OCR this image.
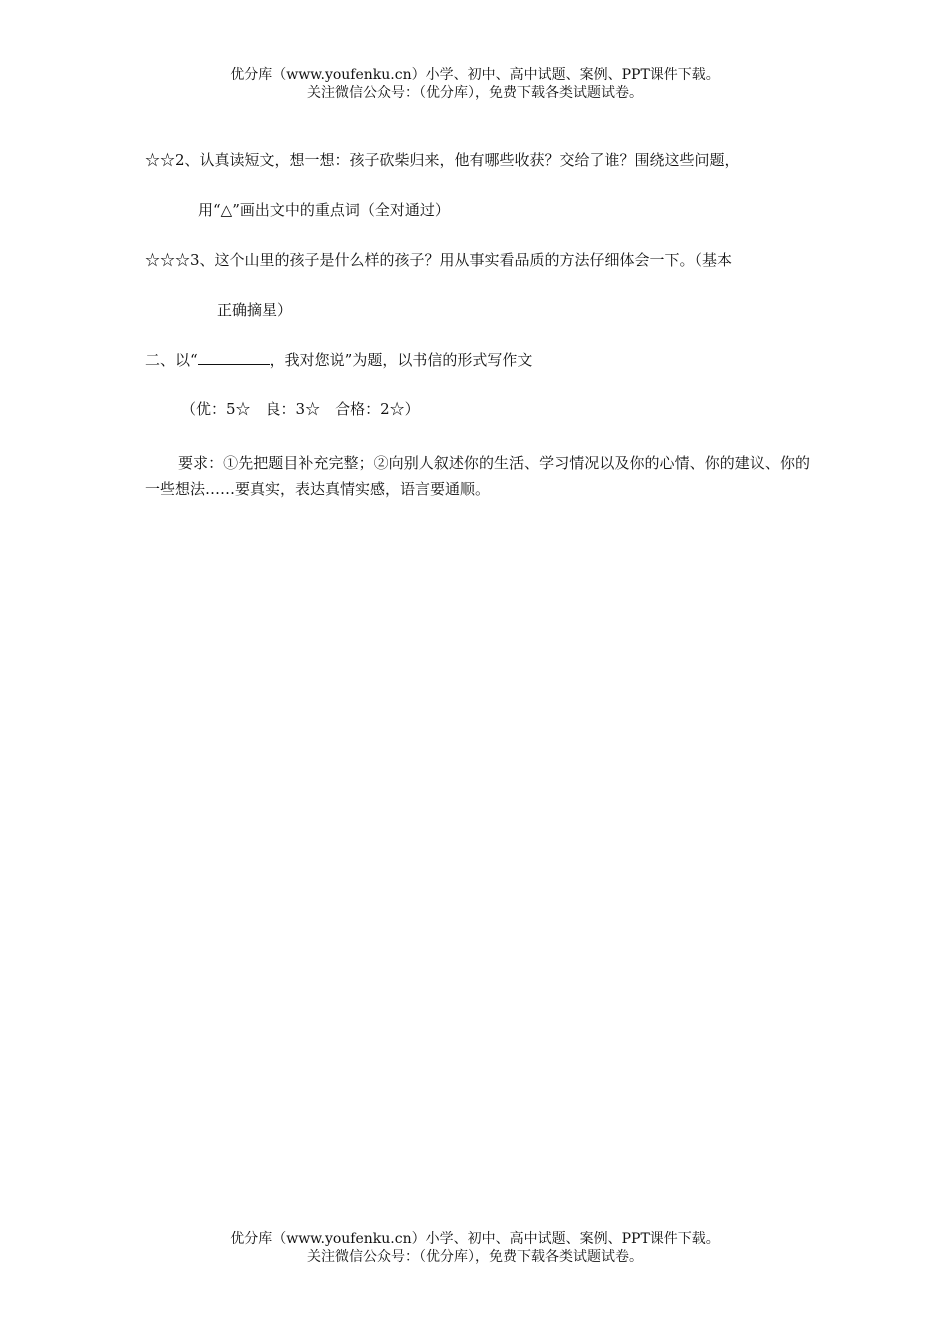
优分库（www.youfenku.cn）小学、初中、高中试题、案例、PPT课件下载。
关注微信公众号：（优分库），免费下载各类试题试卷。
☆☆2、认真读短文，想一想：孩子砍柴归来，他有哪些收获？交给了谁？围绕这些问题，
用“△”画出文中的重点词（全对通过）
☆☆☆3、这个山里的孩子是什么样的孩子？用从事实看品质的方法仔细体会一下。（基本
正确摘星）
二、以“	，我对您说”为题，以书信的形式写作文
（优：5☆　良：3☆　合格：2☆）
要求：①先把题目补充完整；②向别人叙述你的生活、学习情况以及你的心情、你的建议、你的一些想法……要真实，表达真情实感，语言要通顺。
优分库（www.youfenku.cn）小学、初中、高中试题、案例、PPT课件下载。
关注微信公众号：（优分库），免费下载各类试题试卷。
